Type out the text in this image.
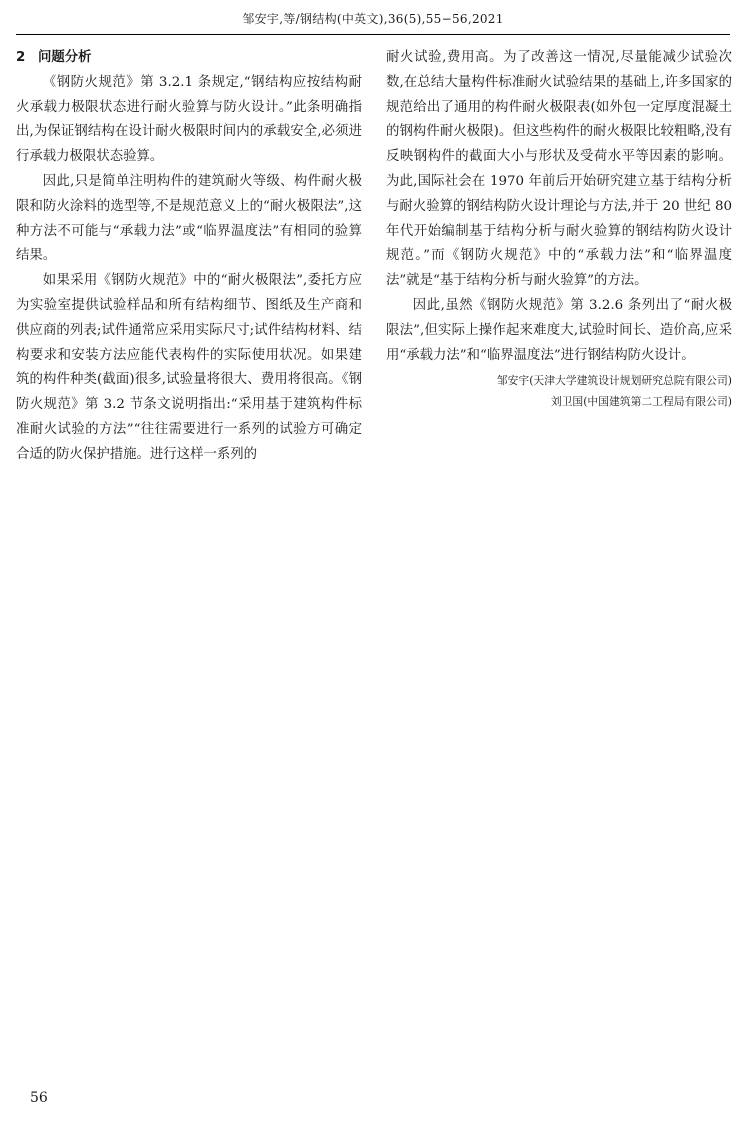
邹安宇,等/钢结构(中英文),36(5),55−56,2021
2 问题分析

《钢防火规范》第 3.2.1 条规定,“钢结构应按结构耐火承载力极限状态进行耐火验算与防火设计。”此条明确指出,为保证钢结构在设计耐火极限时间内的承载安全,必须进行承载力极限状态验算。

因此,只是简单注明构件的建筑耐火等级、构件耐火极限和防火涂料的选型等,不是规范意义上的“耐火极限法”,这种方法不可能与“承载力法”或“临界温度法”有相同的验算结果。

如果采用《钢防火规范》中的“耐火极限法”,委托方应为实验室提供试验样品和所有结构细节、图纸及生产商和供应商的列表;试件通常应采用实际尺寸;试件结构材料、结构要求和安装方法应能代表构件的实际使用状况。如果建筑的构件种类(截面)很多,试验量将很大、费用将很高。《钢防火规范》第 3.2 节条文说明指出:“采用基于建筑构件标准耐火试验的方法”“往往需要进行一系列的试验方可确定合适的防火保护措施。进行这样一系列的

耐火试验,费用高。为了改善这一情况,尽量能减少试验次数,在总结大量构件标准耐火试验结果的基础上,许多国家的规范给出了通用的构件耐火极限表(如外包一定厚度混凝土的钢构件耐火极限)。但这些构件的耐火极限比较粗略,没有反映钢构件的截面大小与形状及受荷水平等因素的影响。为此,国际社会在 1970 年前后开始研究建立基于结构分析与耐火验算的钢结构防火设计理论与方法,并于 20 世纪 80 年代开始编制基于结构分析与耐火验算的钢结构防火设计规范。”而《钢防火规范》中的“承载力法”和“临界温度法”就是“基于结构分析与耐火验算”的方法。

因此,虽然《钢防火规范》第 3.2.6 条列出了“耐火极限法”,但实际上操作起来难度大,试验时间长、造价高,应采用“承载力法”和“临界温度法”进行钢结构防火设计。

邹安宇(天津大学建筑设计规划研究总院有限公司)
刘卫国(中国建筑第二工程局有限公司)
56
